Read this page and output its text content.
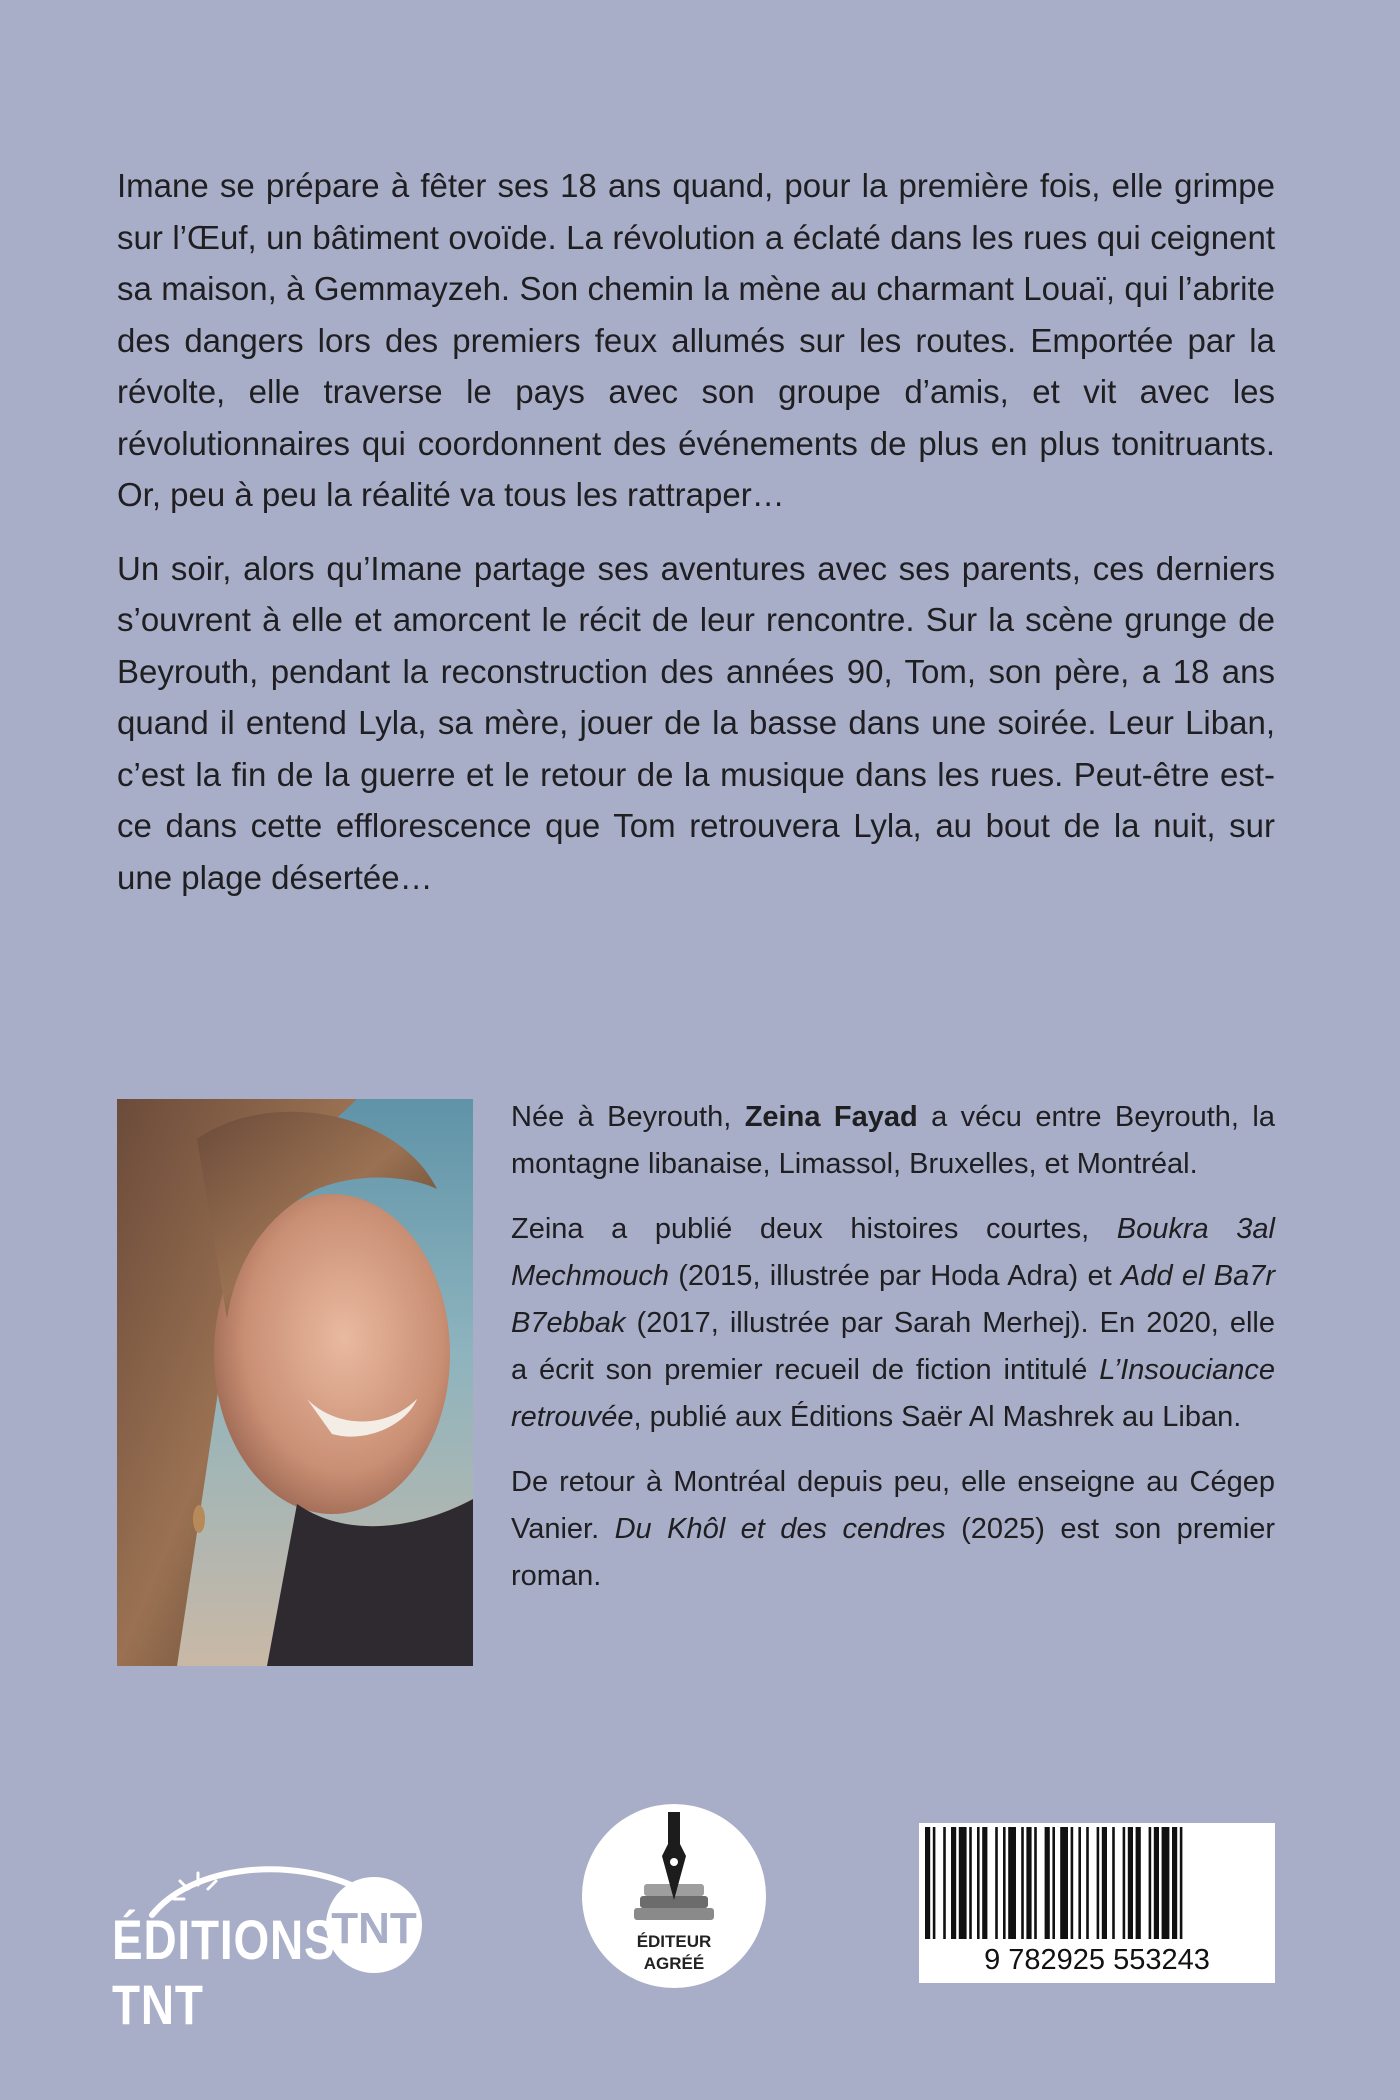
Imane se prépare à fêter ses 18 ans quand, pour la première fois, elle grimpe sur l’Œuf, un bâtiment ovoïde. La révolution a éclaté dans les rues qui ceignent sa maison, à Gemmayzeh. Son chemin la mène au charmant Louaï, qui l’abrite des dangers lors des premiers feux allumés sur les routes. Emportée par la révolte, elle traverse le pays avec son groupe d’amis, et vit avec les révolutionnaires qui coordonnent des événements de plus en plus tonitruants. Or, peu à peu la réalité va tous les rattraper…

Un soir, alors qu’Imane partage ses aventures avec ses parents, ces derniers s’ouvrent à elle et amorcent le récit de leur rencontre. Sur la scène grunge de Beyrouth, pendant la reconstruction des années 90, Tom, son père, a 18 ans quand il entend Lyla, sa mère, jouer de la basse dans une soirée. Leur Liban, c’est la fin de la guerre et le retour de la musique dans les rues. Peut-être est-ce dans cette efflorescence que Tom retrouvera Lyla, au bout de la nuit, sur une plage désertée…

Née à Beyrouth, Zeina Fayad a vécu entre Beyrouth, la montagne libanaise, Limassol, Bruxelles, et Montréal.

Zeina a publié deux histoires courtes, Boukra 3al Mechmouch (2015, illustrée par Hoda Adra) et Add el Ba7r B7ebbak (2017, illustrée par Sarah Merhej). En 2020, elle a écrit son premier recueil de fiction intitulé L’Insouciance retrouvée, publié aux Éditions Saër Al Mashrek au Liban.

De retour à Montréal depuis peu, elle enseigne au Cégep Vanier. Du Khôl et des cendres (2025) est son premier roman.

TNT
ÉDITIONS TNT
ÉDITEUR
AGRÉÉ	9 782925 553243
